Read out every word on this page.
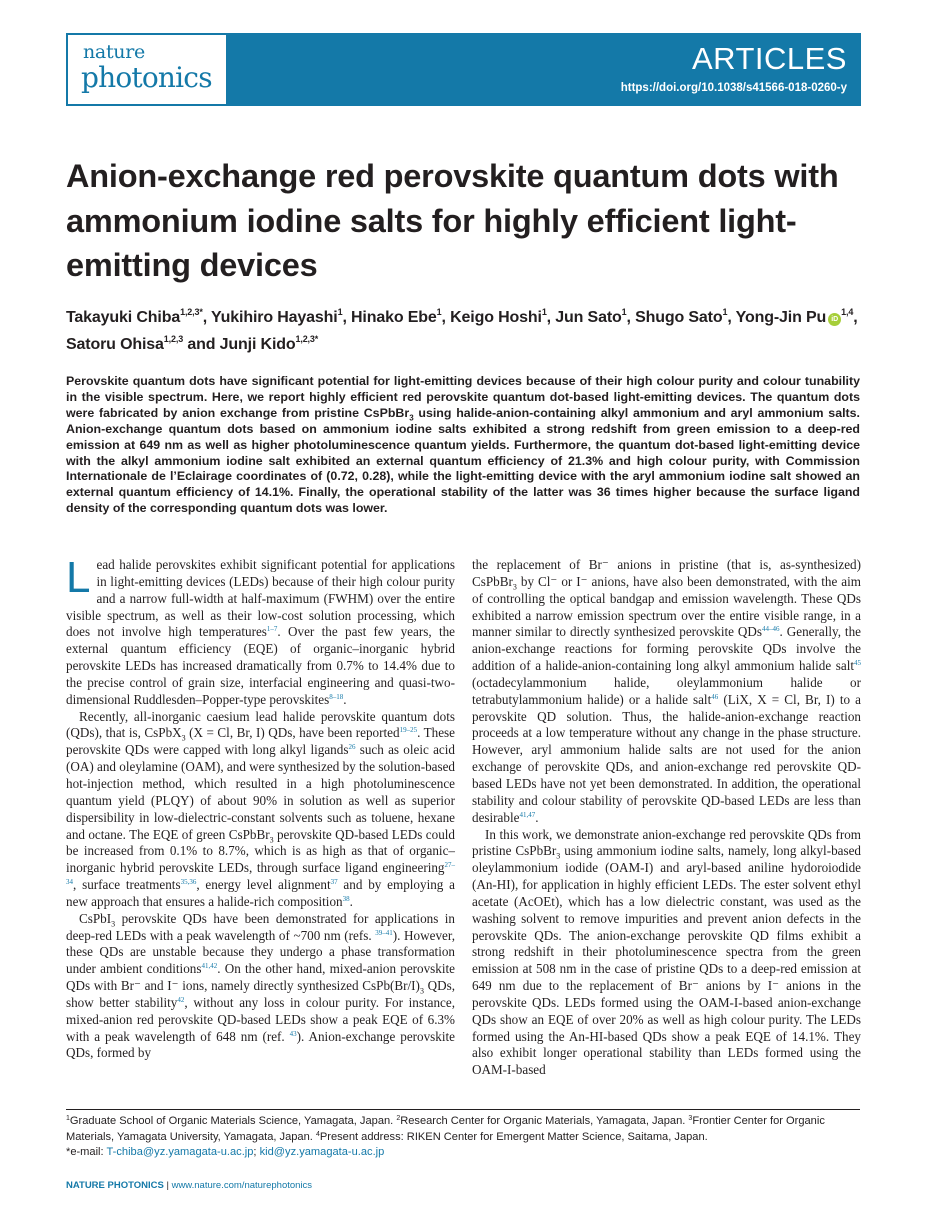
nature
photonics
ARTICLES
https://doi.org/10.1038/s41566-018-0260-y
Anion-exchange red perovskite quantum dots with ammonium iodine salts for highly efficient light-emitting devices
Takayuki Chiba$^{1,2,3*}$, Yukihiro Hayashi$^1$, Hinako Ebe$^1$, Keigo Hoshi$^1$, Jun Sato$^1$, Shugo Sato$^1$, Yong-Jin Pu iD$^{1,4}$, Satoru Ohisa$^{1,2,3}$ and Junji Kido$^{1,2,3*}$
Perovskite quantum dots have significant potential for light-emitting devices because of their high colour purity and colour tunability in the visible spectrum. Here, we report highly efficient red perovskite quantum dot-based light-emitting devices. The quantum dots were fabricated by anion exchange from pristine CsPbBr$_3$ using halide-anion-containing alkyl ammonium and aryl ammonium salts. Anion-exchange quantum dots based on ammonium iodine salts exhibited a strong redshift from green emission to a deep-red emission at 649 nm as well as higher photoluminescence quantum yields. Furthermore, the quantum dot-based light-emitting device with the alkyl ammonium iodine salt exhibited an external quantum efficiency of 21.3% and high colour purity, with Commission Internationale de l’Eclairage coordinates of (0.72, 0.28), while the light-emitting device with the aryl ammonium iodine salt showed an external quantum efficiency of 14.1%. Finally, the operational stability of the latter was 36 times higher because the surface ligand density of the corresponding quantum dots was lower.

Lead halide perovskites exhibit significant potential for applications in light-emitting devices (LEDs) because of their high colour purity and a narrow full-width at half-maximum (FWHM) over the entire visible spectrum, as well as their low-cost solution processing, which does not involve high temperatures$^{1-7}$. Over the past few years, the external quantum efficiency (EQE) of organic–inorganic hybrid perovskite LEDs has increased dramatically from 0.7% to 14.4% due to the precise control of grain size, interfacial engineering and quasi-two-dimensional Ruddlesden–Popper-type perovskites$^{8-18}$.

Recently, all-inorganic caesium lead halide perovskite quantum dots (QDs), that is, CsPbX$_3$ (X = Cl, Br, I) QDs, have been reported$^{19-25}$. These perovskite QDs were capped with long alkyl ligands$^{26}$ such as oleic acid (OA) and oleylamine (OAM), and were synthesized by the solution-based hot-injection method, which resulted in a high photoluminescence quantum yield (PLQY) of about 90% in solution as well as superior dispersibility in low-dielectric-constant solvents such as toluene, hexane and octane. The EQE of green CsPbBr$_3$ perovskite QD-based LEDs could be increased from 0.1% to 8.7%, which is as high as that of organic–inorganic hybrid perovskite LEDs, through surface ligand engineering$^{27-34}$, surface treatments$^{35,36}$, energy level alignment$^{37}$ and by employing a new approach that ensures a halide-rich composition$^{38}$.

CsPbI$_3$ perovskite QDs have been demonstrated for applications in deep-red LEDs with a peak wavelength of ~700 nm (refs. $^{39-41}$). However, these QDs are unstable because they undergo a phase transformation under ambient conditions$^{41,42}$. On the other hand, mixed-anion perovskite QDs with Br⁻ and I⁻ ions, namely directly synthesized $CsPb(Br/I)_3$ QDs, show better stability$^{42}$, without any loss in colour purity. For instance, mixed-anion red perovskite QD-based LEDs show a peak EQE of 6.3% with a peak wavelength of 648 nm (ref. $^{43}$). Anion-exchange perovskite QDs, formed by

the replacement of Br⁻ anions in pristine (that is, as-synthesized) CsPbBr$_3$ by Cl⁻ or I⁻ anions, have also been demonstrated, with the aim of controlling the optical bandgap and emission wavelength. These QDs exhibited a narrow emission spectrum over the entire visible range, in a manner similar to directly synthesized perovskite QDs$^{44-46}$. Generally, the anion-exchange reactions for forming perovskite QDs involve the addition of a halide-anion-containing long alkyl ammonium halide salt$^{45}$ (octadecylammonium halide, oleylammonium halide or tetrabutylammonium halide) or a halide salt$^{46}$ (LiX, X = Cl, Br, I) to a perovskite QD solution. Thus, the halide-anion-exchange reaction proceeds at a low temperature without any change in the phase structure. However, aryl ammonium halide salts are not used for the anion exchange of perovskite QDs, and anion-exchange red perovskite QD-based LEDs have not yet been demonstrated. In addition, the operational stability and colour stability of perovskite QD-based LEDs are less than desirable$^{41,47}$.

In this work, we demonstrate anion-exchange red perovskite QDs from pristine CsPbBr$_3$ using ammonium iodine salts, namely, long alkyl-based oleylammonium iodide (OAM-I) and aryl-based aniline hydoroiodide (An-HI), for application in highly efficient LEDs. The ester solvent ethyl acetate (AcOEt), which has a low dielectric constant, was used as the washing solvent to remove impurities and prevent anion defects in the perovskite QDs. The anion-exchange perovskite QD films exhibit a strong redshift in their photoluminescence spectra from the green emission at 508 nm in the case of pristine QDs to a deep-red emission at 649 nm due to the replacement of Br⁻ anions by I⁻ anions in the perovskite QDs. LEDs formed using the OAM-I-based anion-exchange QDs show an EQE of over 20% as well as high colour purity. The LEDs formed using the An-HI-based QDs show a peak EQE of 14.1%. They also exhibit longer operational stability than LEDs formed using the OAM-I-based

$^1$Graduate School of Organic Materials Science, Yamagata, Japan. $^2$Research Center for Organic Materials, Yamagata, Japan. $^3$Frontier Center for Organic Materials, Yamagata University, Yamagata, Japan. $^4$Present address: RIKEN Center for Emergent Matter Science, Saitama, Japan.
*e-mail: T-chiba@yz.yamagata-u.ac.jp; kid@yz.yamagata-u.ac.jp
NATURE PHOTONICS | www.nature.com/naturephotonics
